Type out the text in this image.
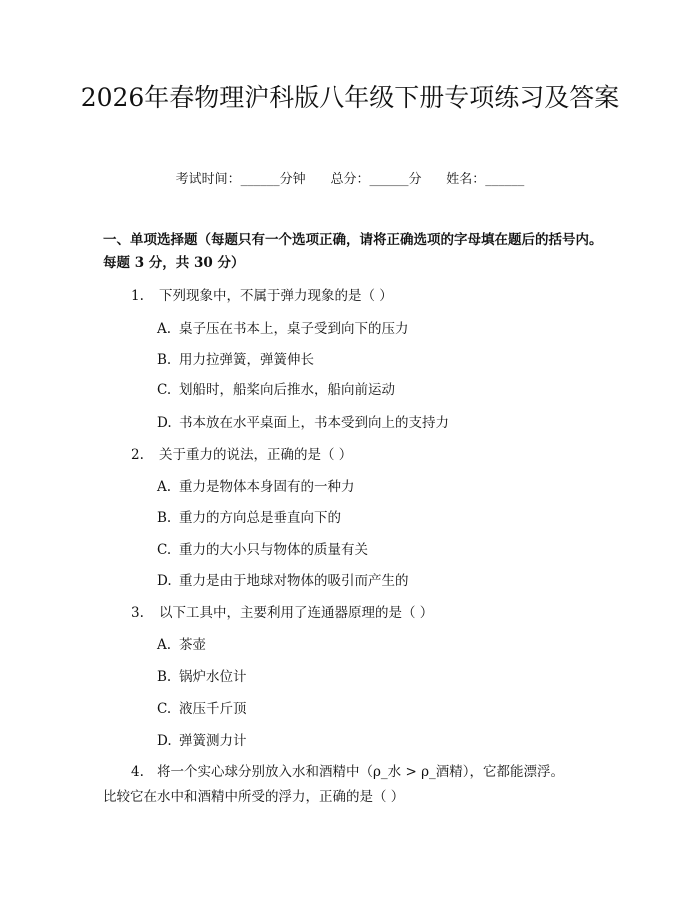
2026年春物理沪科版八年级下册专项练习及答案
考试时间：______分钟 总分：______分 姓名：______
一、单项选择题（每题只有一个选项正确，请将正确选项的字母填在题后的括号内。每题 3 分，共 30 分）
1. 下列现象中，不属于弹力现象的是（ ）
A. 桌子压在书本上，桌子受到向下的压力
B. 用力拉弹簧，弹簧伸长
C. 划船时，船桨向后推水，船向前运动
D. 书本放在水平桌面上，书本受到向上的支持力
2. 关于重力的说法，正确的是（ ）
A. 重力是物体本身固有的一种力
B. 重力的方向总是垂直向下的
C. 重力的大小只与物体的质量有关
D. 重力是由于地球对物体的吸引而产生的
3. 以下工具中，主要利用了连通器原理的是（ ）
A. 茶壶
B. 锅炉水位计
C. 液压千斤顶
D. 弹簧测力计
4. 将一个实心球分别放入水和酒精中（ρ_水 > ρ_酒精），它都能漂浮。
比较它在水中和酒精中所受的浮力，正确的是（ ）
